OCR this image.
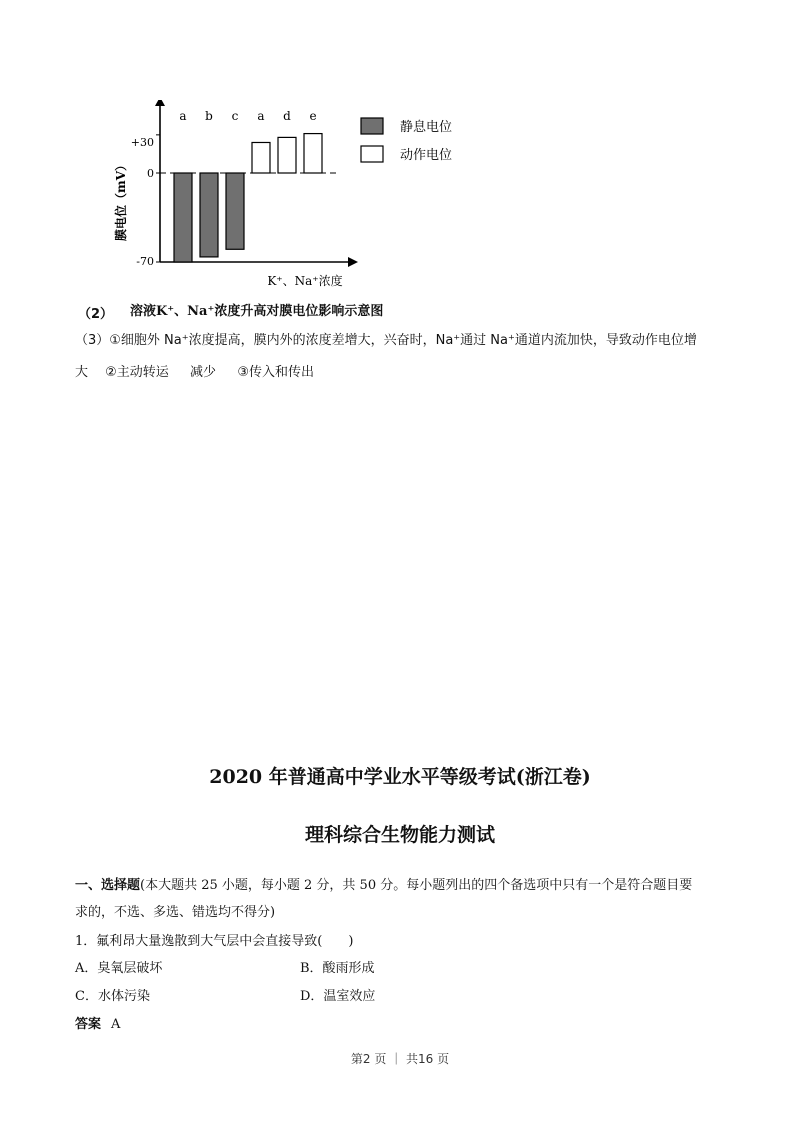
膜电位（mV）
K⁺、Na⁺浓度
+30
0
-70
a b c a d e
静息电位
动作电位
（2） 溶液K⁺、Na⁺浓度升高对膜电位影响示意图
（3）①细胞外 Na⁺浓度提高，膜内外的浓度差增大，兴奋时，Na⁺通过 Na⁺通道内流加快，导致动作电位增
大 　②主动转运 　 减少 　 ③传入和传出
2020 年普通高中学业水平等级考试(浙江卷)
理科综合生物能力测试
一、选择题(本大题共 25 小题，每小题 2 分，共 50 分。每小题列出的四个备选项中只有一个是符合题目要
求的，不选、多选、错选均不得分)
1．氟利昂大量逸散到大气层中会直接导致(　　)
A．臭氧层破坏	B．酸雨形成
C．水体污染	D．温室效应
答案 A
第2 页 ｜ 共16 页
